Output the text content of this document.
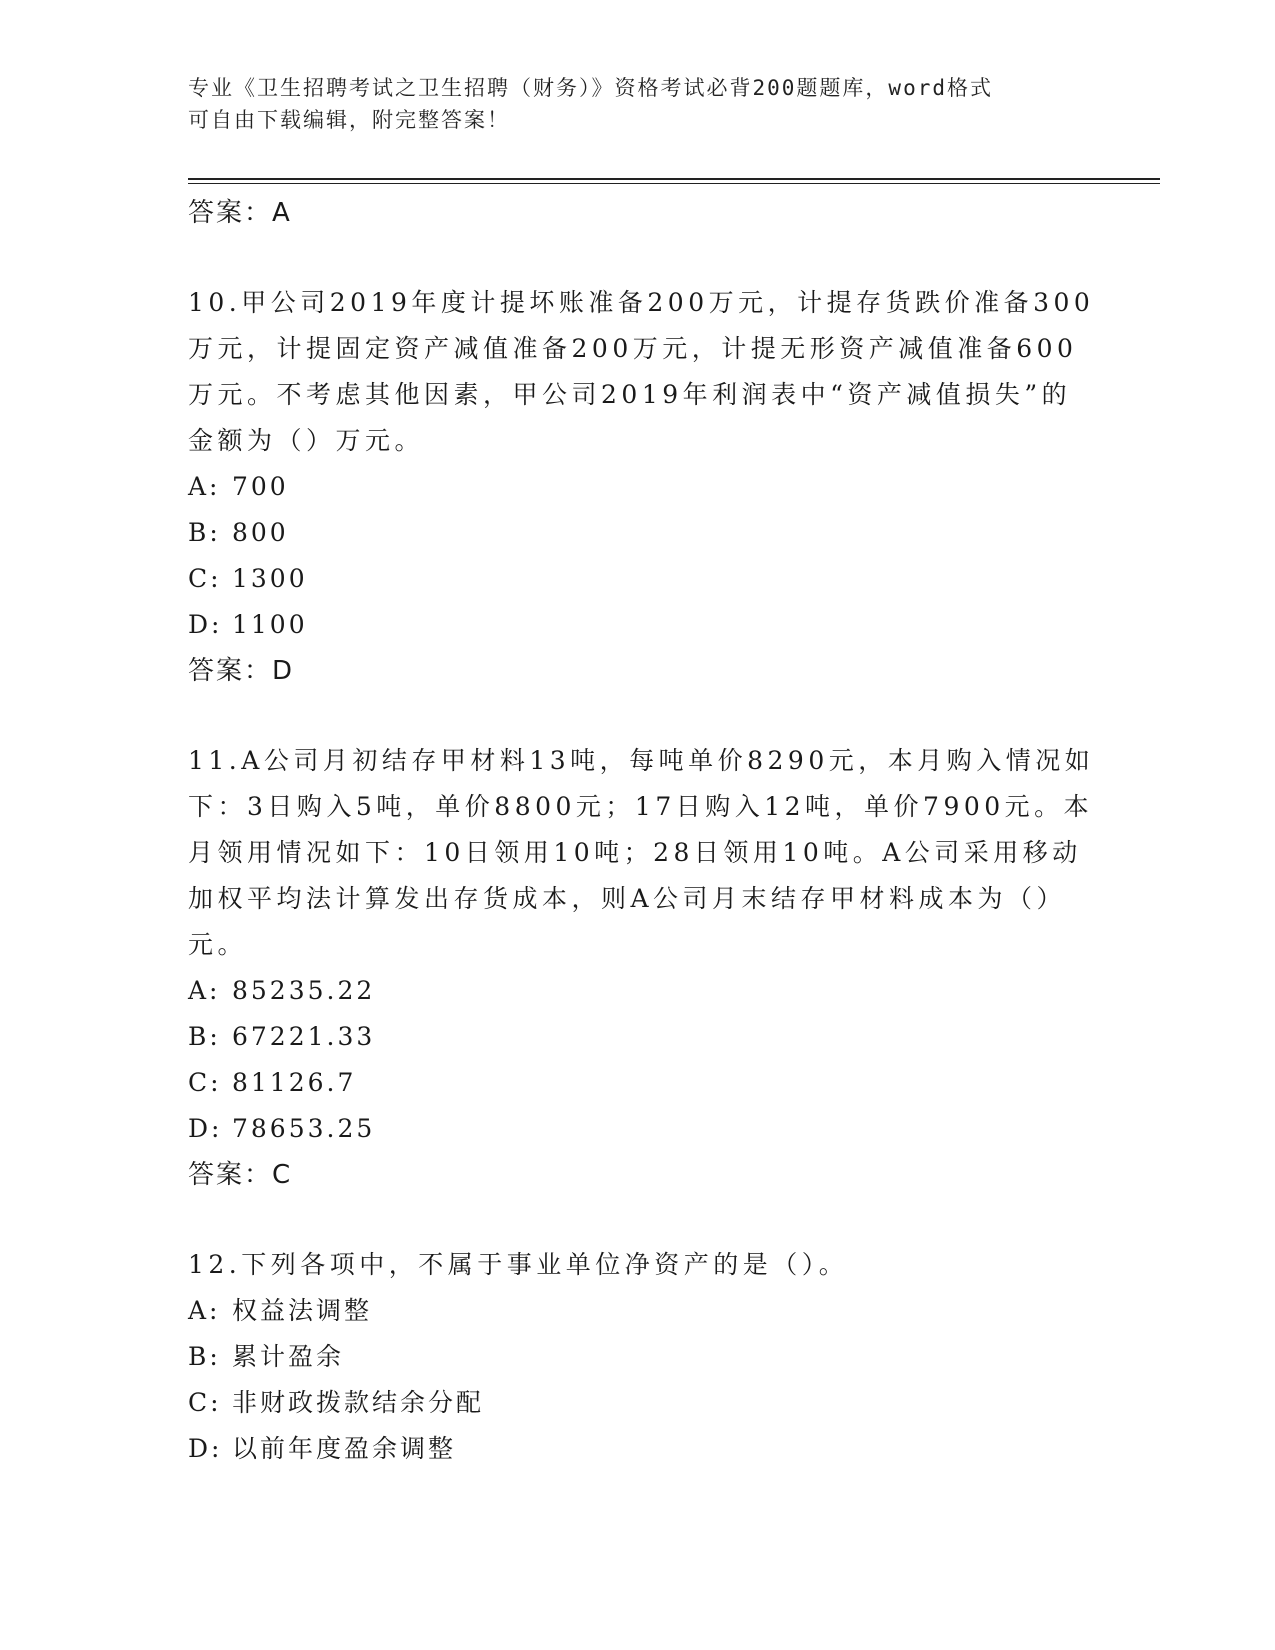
专业《卫生招聘考试之卫生招聘（财务）》资格考试必背200题题库，word格式
可自由下载编辑，附完整答案！
答案：A
10.甲公司2019年度计提坏账准备200万元，计提存货跌价准备300
万元，计提固定资产减值准备200万元，计提无形资产减值准备600
万元。不考虑其他因素，甲公司2019年利润表中“资产减值损失”的
金额为（）万元。
A: 700
B: 800
C: 1300
D: 1100
答案：D
11.A公司月初结存甲材料13吨，每吨单价8290元，本月购入情况如
下：3日购入5吨，单价8800元；17日购入12吨，单价7900元。本
月领用情况如下：10日领用10吨；28日领用10吨。A公司采用移动
加权平均法计算发出存货成本，则A公司月末结存甲材料成本为（）
元。
A: 85235.22
B: 67221.33
C: 81126.7
D: 78653.25
答案：C
12.下列各项中，不属于事业单位净资产的是（）。
A: 权益法调整
B: 累计盈余
C: 非财政拨款结余分配
D: 以前年度盈余调整
